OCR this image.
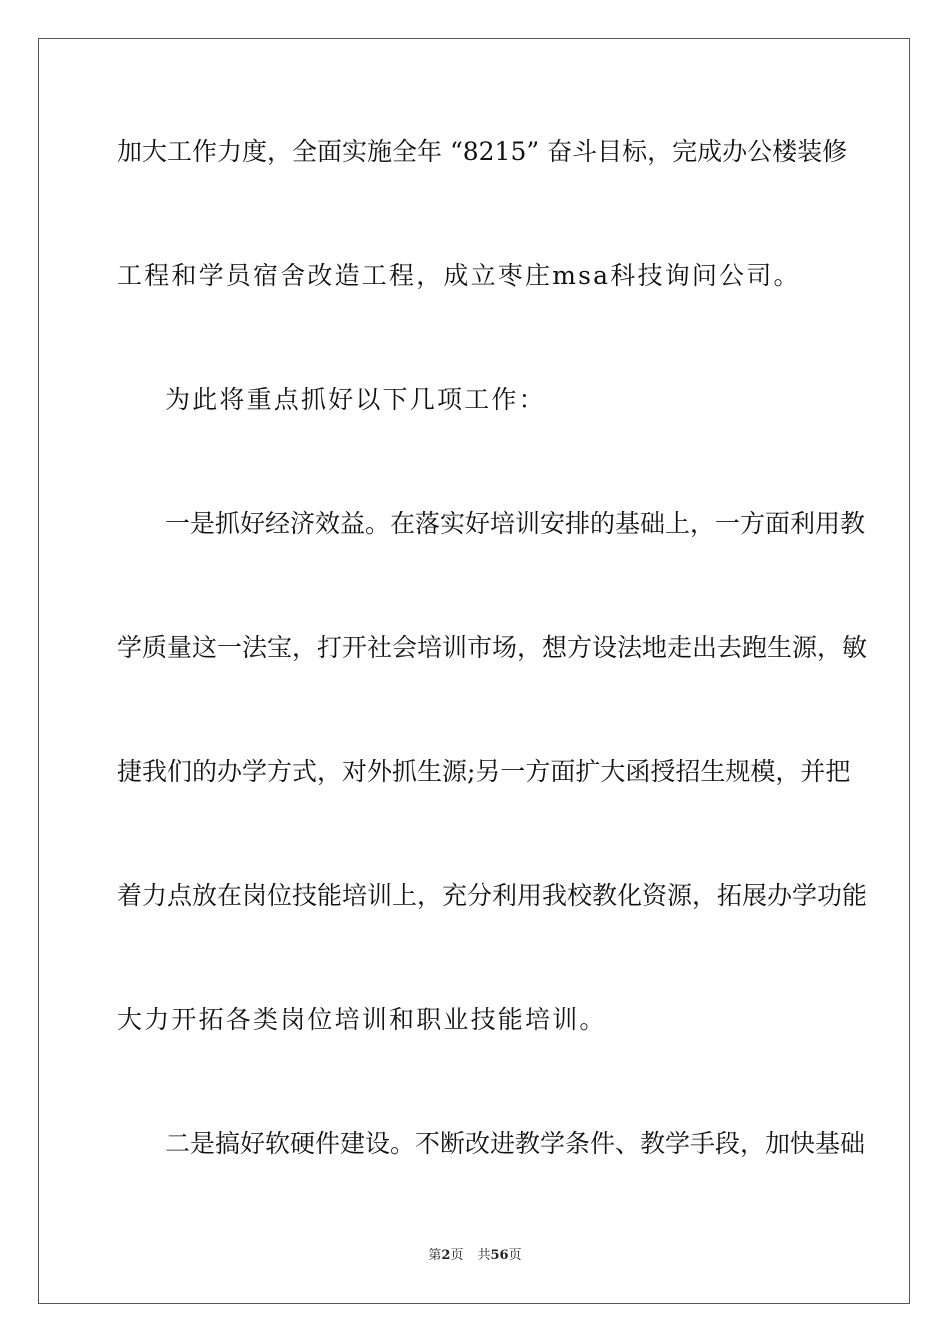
加大工作力度，全面实施全年 “8215” 奋斗目标，完成办公楼装修
工程和学员宿舍改造工程，成立枣庄msa科技询问公司。
为此将重点抓好以下几项工作：
一是抓好经济效益。在落实好培训安排的基础上，一方面利用教
学质量这一法宝，打开社会培训市场，想方设法地走出去跑生源，敏
捷我们的办学方式，对外抓生源;另一方面扩大函授招生规模，并把
着力点放在岗位技能培训上，充分利用我校教化资源，拓展办学功能
大力开拓各类岗位培训和职业技能培训。
二是搞好软硬件建设。不断改进教学条件、教学手段，加快基础
第2页 共56页
